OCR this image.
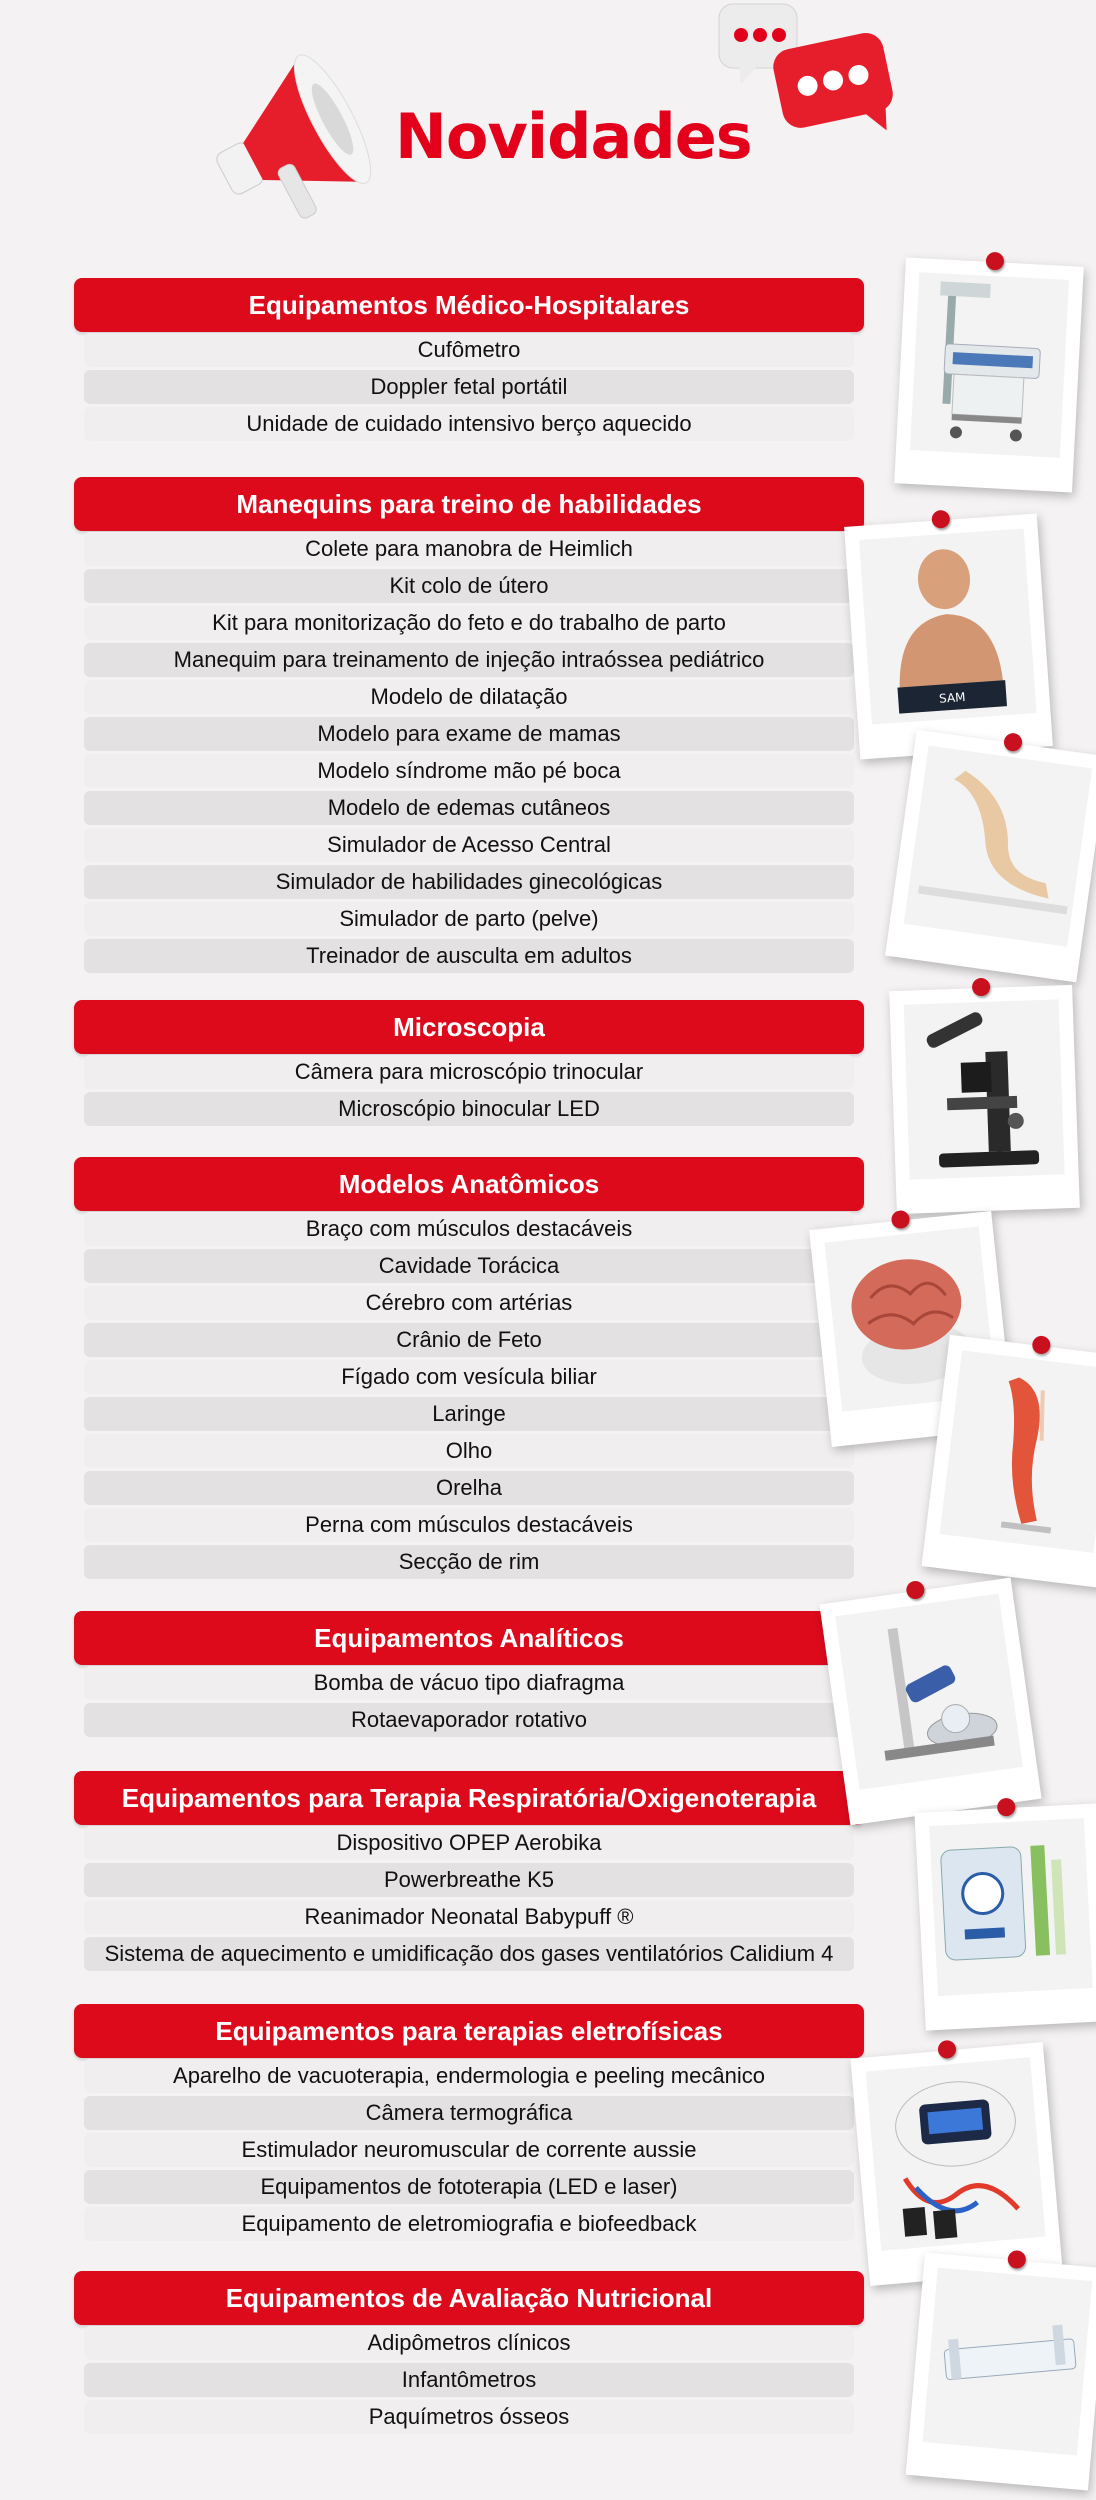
Novidades
Equipamentos Médico-Hospitalares
Cufômetro
Doppler fetal portátil
Unidade de cuidado intensivo berço aquecido
Manequins para treino de habilidades
Colete para manobra de Heimlich
Kit colo de útero
Kit para monitorização do feto e do trabalho de parto
Manequim para treinamento de injeção intraóssea pediátrico
Modelo de dilatação
Modelo para exame de mamas
Modelo síndrome mão pé boca
Modelo de edemas cutâneos
Simulador de Acesso Central
Simulador de habilidades ginecológicas
Simulador de parto (pelve)
Treinador de ausculta em adultos
Microscopia
Câmera para microscópio trinocular
Microscópio binocular LED
Modelos Anatômicos
Braço com músculos destacáveis
Cavidade Torácica
Cérebro com artérias
Crânio de Feto
Fígado com vesícula biliar
Laringe
Olho
Orelha
Perna com músculos destacáveis
Secção de rim
Equipamentos Analíticos
Bomba de vácuo tipo diafragma
Rotaevaporador rotativo
Equipamentos para Terapia Respiratória/Oxigenoterapia
Dispositivo OPEP Aerobika
Powerbreathe K5
Reanimador Neonatal Babypuff ®
Sistema de aquecimento e umidificação dos gases ventilatórios Calidium 4
Equipamentos para terapias eletrofísicas
Aparelho de vacuoterapia, endermologia e peeling mecânico
Câmera termográfica
Estimulador neuromuscular de corrente aussie
Equipamentos de fototerapia (LED e laser)
Equipamento de eletromiografia e biofeedback
Equipamentos de Avaliação Nutricional
Adipômetros clínicos
Infantômetros
Paquímetros ósseos
SAM
